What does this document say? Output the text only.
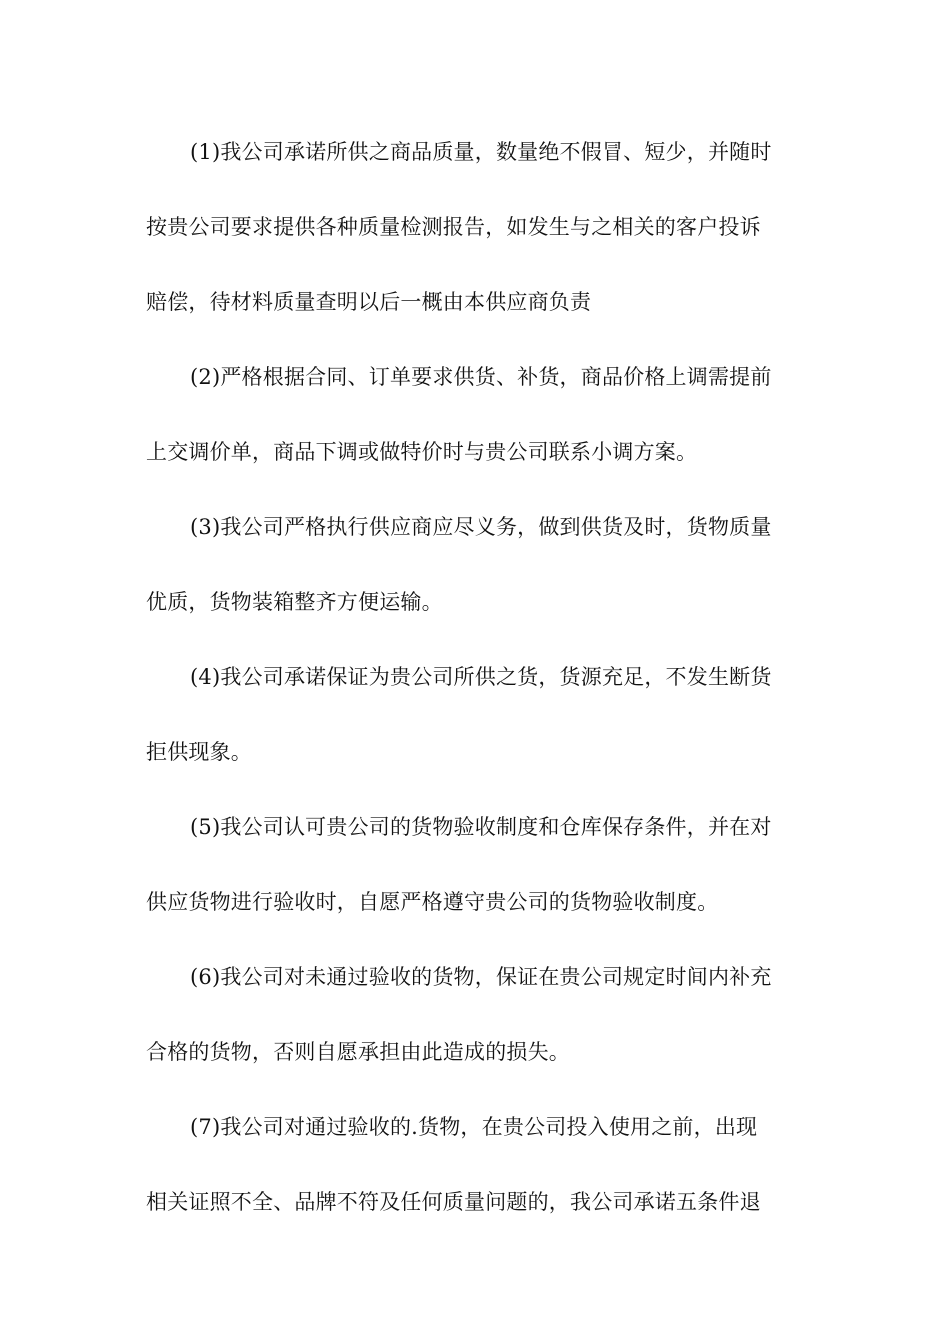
(1)我公司承诺所供之商品质量，数量绝不假冒、短少，并随时
按贵公司要求提供各种质量检测报告，如发生与之相关的客户投诉
赔偿，待材料质量查明以后一概由本供应商负责
(2)严格根据合同、订单要求供货、补货，商品价格上调需提前
上交调价单，商品下调或做特价时与贵公司联系小调方案。
(3)我公司严格执行供应商应尽义务，做到供货及时，货物质量
优质，货物装箱整齐方便运输。
(4)我公司承诺保证为贵公司所供之货，货源充足，不发生断货
拒供现象。
(5)我公司认可贵公司的货物验收制度和仓库保存条件，并在对
供应货物进行验收时，自愿严格遵守贵公司的货物验收制度。
(6)我公司对未通过验收的货物，保证在贵公司规定时间内补充
合格的货物，否则自愿承担由此造成的损失。
(7)我公司对通过验收的.货物，在贵公司投入使用之前，出现
相关证照不全、品牌不符及任何质量问题的，我公司承诺五条件退
